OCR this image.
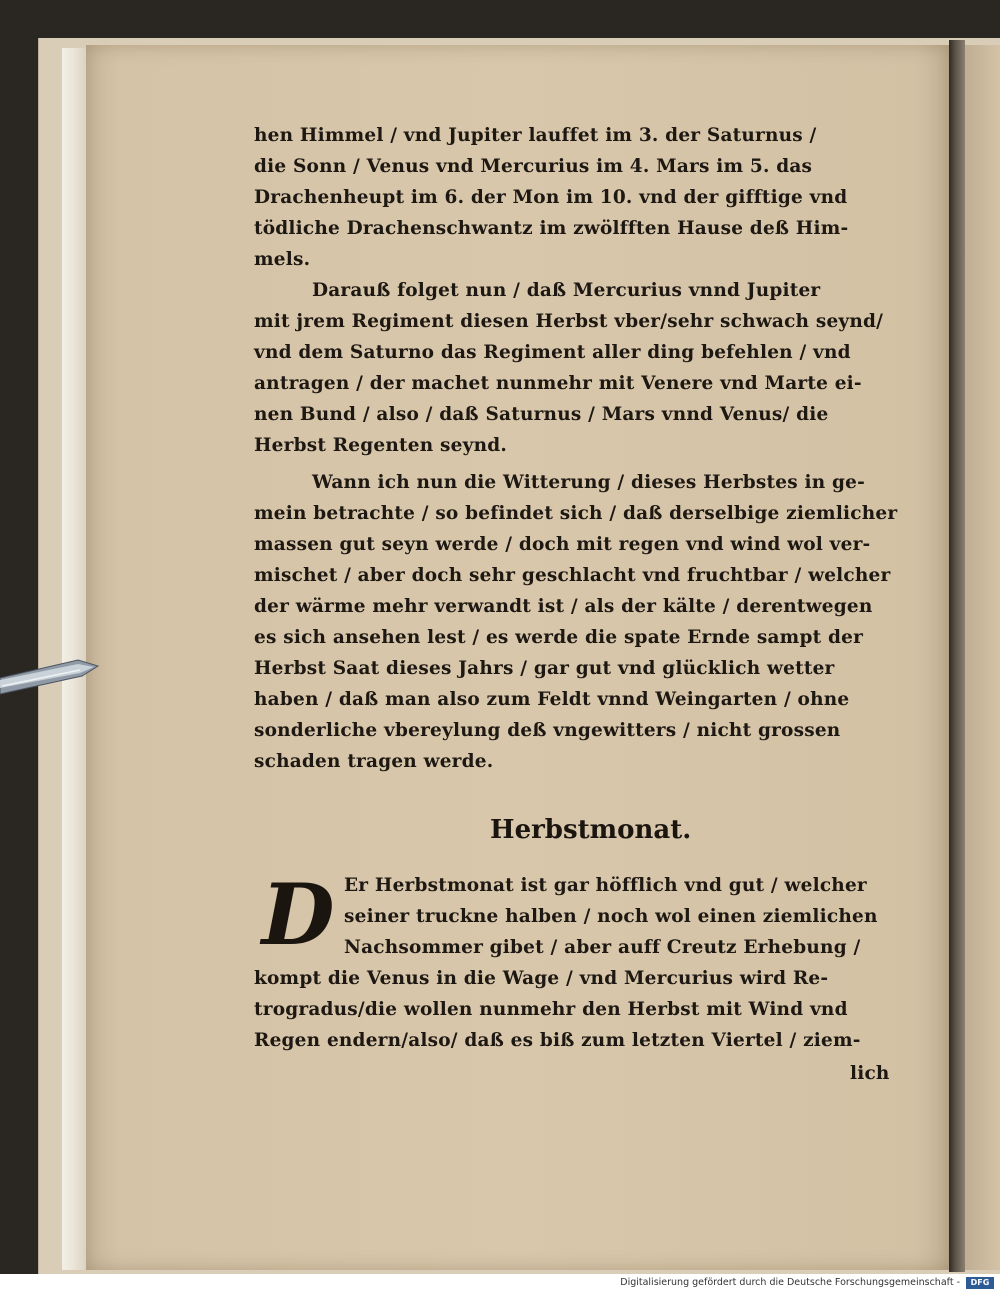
hen Himmel / vnd Jupiter lauffet im 3. der Saturnus /
die Sonn / Venus vnd Mercurius im 4. Mars im 5. das
Drachenheupt im 6. der Mon im 10. vnd der gifftige vnd
tödliche Drachenschwantz im zwölfften Hause deß Him-
mels.
Darauß folget nun / daß Mercurius vnnd Jupiter
mit jrem Regiment diesen Herbst vber/sehr schwach seynd/
vnd dem Saturno das Regiment aller ding befehlen / vnd
antragen / der machet nunmehr mit Venere vnd Marte ei-
nen Bund / also / daß Saturnus / Mars vnnd Venus/ die
Herbst Regenten seynd.
Wann ich nun die Witterung / dieses Herbstes in ge-
mein betrachte / so befindet sich / daß derselbige ziemlicher
massen gut seyn werde / doch mit regen vnd wind wol ver-
mischet / aber doch sehr geschlacht vnd fruchtbar / welcher
der wärme mehr verwandt ist / als der kälte / derentwegen
es sich ansehen lest / es werde die spate Ernde sampt der
Herbst Saat dieses Jahrs / gar gut vnd glücklich wetter
haben / daß man also zum Feldt vnnd Weingarten / ohne
sonderliche vbereylung deß vngewitters / nicht grossen
schaden tragen werde.
Herbstmonat.
D Er Herbstmonat ist gar höfflich vnd gut / welcher
seiner truckne halben / noch wol einen ziemlichen
Nachsommer gibet / aber auff Creutz Erhebung /
kompt die Venus in die Wage / vnd Mercurius wird Re-
trogradus/die wollen nunmehr den Herbst mit Wind vnd
Regen endern/also/ daß es biß zum letzten Viertel / ziem-
lich
Digitalisierung gefördert durch die Deutsche Forschungsgemeinschaft -	DFG
